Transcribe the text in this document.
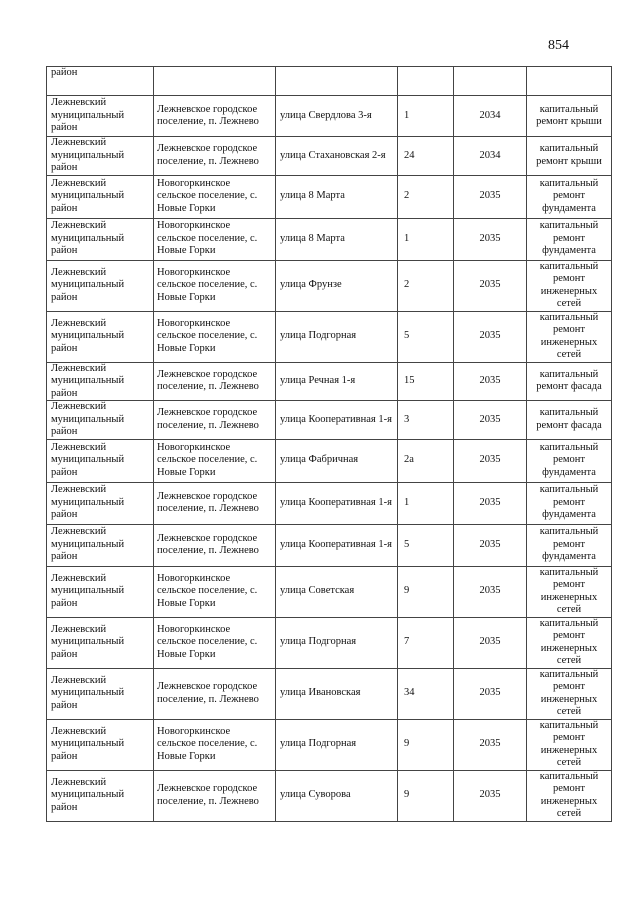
854
район					
Лежневский муниципальный район	Лежневское городское поселение, п. Лежнево	улица Свердлова 3-я	1	2034	капитальный ремонт крыши
Лежневский муниципальный район	Лежневское городское поселение, п. Лежнево	улица Стахановская 2-я	24	2034	капитальный ремонт крыши
Лежневский муниципальный район	Новогоркинское сельское поселение, с. Новые Горки	улица 8 Марта	2	2035	капитальный ремонт фундамента
Лежневский муниципальный район	Новогоркинское сельское поселение, с. Новые Горки	улица 8 Марта	1	2035	капитальный ремонт фундамента
Лежневский муниципальный район	Новогоркинское сельское поселение, с. Новые Горки	улица Фрунзе	2	2035	капитальный ремонт инженерных сетей
Лежневский муниципальный район	Новогоркинское сельское поселение, с. Новые Горки	улица Подгорная	5	2035	капитальный ремонт инженерных сетей
Лежневский муниципальный район	Лежневское городское поселение, п. Лежнево	улица Речная 1-я	15	2035	капитальный ремонт фасада
Лежневский муниципальный район	Лежневское городское поселение, п. Лежнево	улица Кооперативная 1-я	3	2035	капитальный ремонт фасада
Лежневский муниципальный район	Новогоркинское сельское поселение, с. Новые Горки	улица Фабричная	2а	2035	капитальный ремонт фундамента
Лежневский муниципальный район	Лежневское городское поселение, п. Лежнево	улица Кооперативная 1-я	1	2035	капитальный ремонт фундамента
Лежневский муниципальный район	Лежневское городское поселение, п. Лежнево	улица Кооперативная 1-я	5	2035	капитальный ремонт фундамента
Лежневский муниципальный район	Новогоркинское сельское поселение, с. Новые Горки	улица Советская	9	2035	капитальный ремонт инженерных сетей
Лежневский муниципальный район	Новогоркинское сельское поселение, с. Новые Горки	улица Подгорная	7	2035	капитальный ремонт инженерных сетей
Лежневский муниципальный район	Лежневское городское поселение, п. Лежнево	улица Ивановская	34	2035	капитальный ремонт инженерных сетей
Лежневский муниципальный район	Новогоркинское сельское поселение, с. Новые Горки	улица Подгорная	9	2035	капитальный ремонт инженерных сетей
Лежневский муниципальный район	Лежневское городское поселение, п. Лежнево	улица Суворова	9	2035	капитальный ремонт инженерных сетей
